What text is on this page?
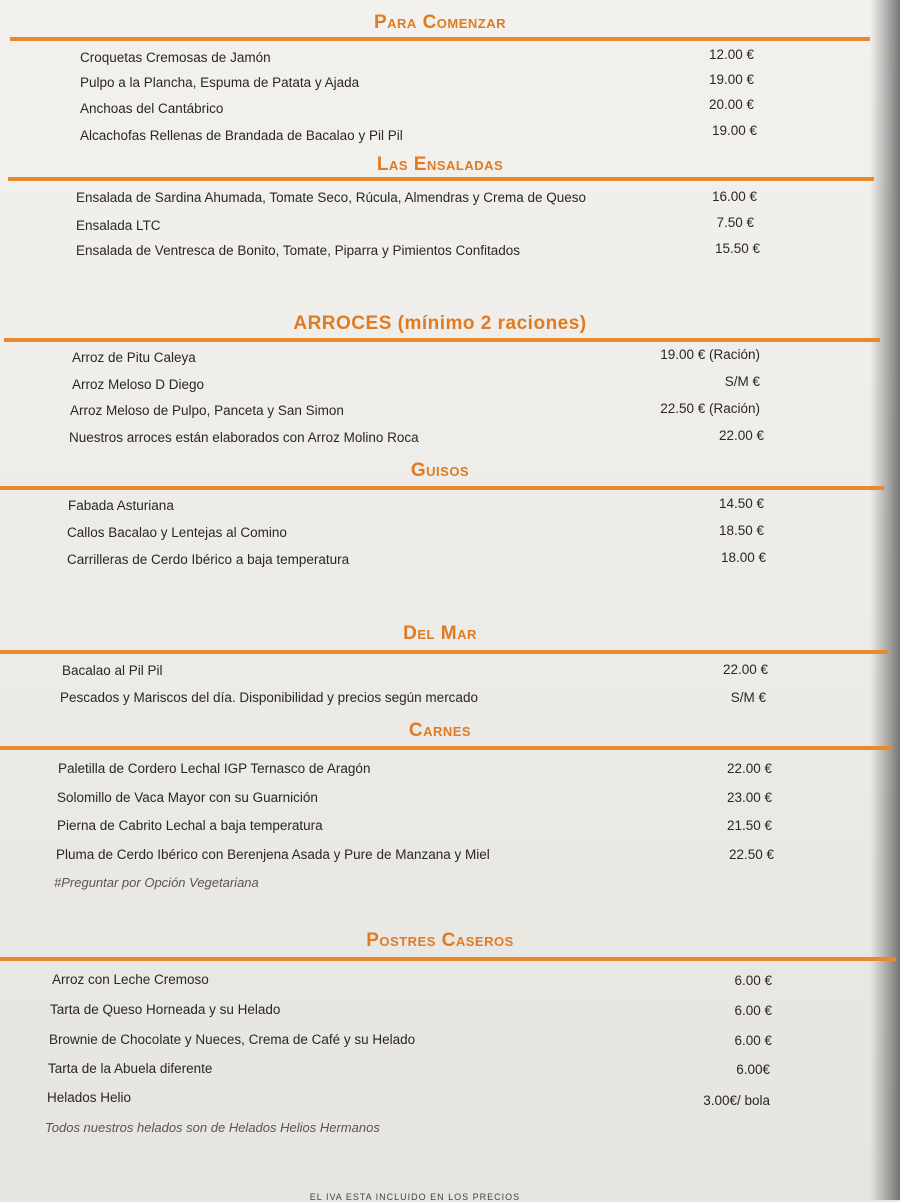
Para Comenzar
Croquetas Cremosas de Jamón	12.00 €
Pulpo a la Plancha, Espuma de Patata y Ajada	19.00 €
Anchoas del Cantábrico	20.00 €
Alcachofas Rellenas de Brandada de Bacalao y Pil Pil	19.00 €
Las Ensaladas
Ensalada de Sardina Ahumada, Tomate Seco, Rúcula, Almendras y Crema de Queso	16.00 €
Ensalada LTC	7.50 €
Ensalada de Ventresca de Bonito, Tomate, Piparra y Pimientos Confitados	15.50 €
ARROCES (mínimo 2 raciones)
Arroz de Pitu Caleya	19.00 € (Ración)
Arroz Meloso D Diego	S/M €
Arroz Meloso de Pulpo, Panceta y San Simon	22.50 € (Ración)
Nuestros arroces están elaborados con Arroz Molino Roca	22.00 €
Guisos
Fabada Asturiana	14.50 €
Callos Bacalao y Lentejas al Comino	18.50 €
Carrilleras de Cerdo Ibérico a baja temperatura	18.00 €
Del Mar
Bacalao al Pil Pil	22.00 €
Pescados y Mariscos del día. Disponibilidad y precios según mercado	S/M €
Carnes
Paletilla de Cordero Lechal IGP Ternasco de Aragón	22.00 €
Solomillo de Vaca Mayor con su Guarnición	23.00 €
Pierna de Cabrito Lechal a baja temperatura	21.50 €
Pluma de Cerdo Ibérico con Berenjena Asada y Pure de Manzana y Miel	22.50 €
#Preguntar por Opción Vegetariana
Postres Caseros
Arroz con Leche Cremoso	6.00 €
Tarta de Queso Horneada y su Helado	6.00 €
Brownie de Chocolate y Nueces, Crema de Café y su Helado	6.00 €
Tarta de la Abuela diferente	6.00€
Helados Helio	3.00€/ bola
Todos nuestros helados son de Helados Helios Hermanos
EL IVA ESTA INCLUIDO EN LOS PRECIOS
